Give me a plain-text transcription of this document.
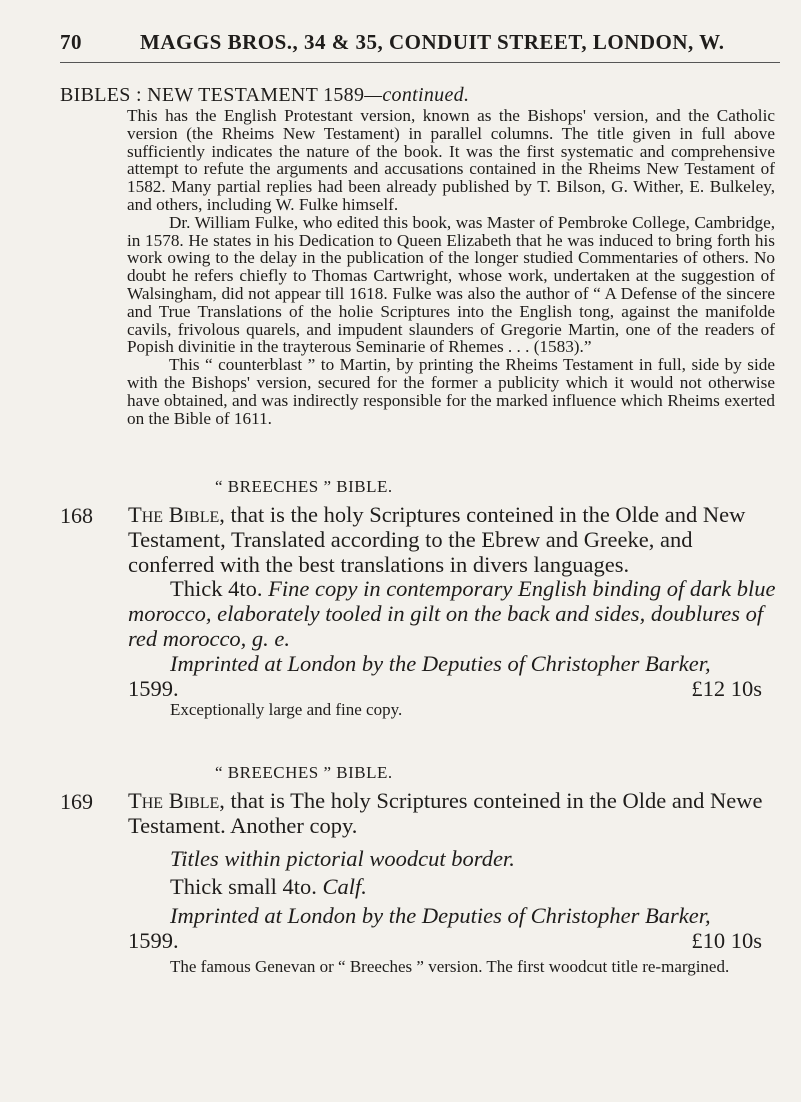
70	MAGGS BROS., 34 & 35, CONDUIT STREET, LONDON, W.
BIBLES : NEW TESTAMENT 1589—continued.

This has the English Protestant version, known as the Bishops' version, and the Catholic version (the Rheims New Testament) in parallel columns. The title given in full above sufficiently indicates the nature of the book. It was the first systematic and comprehensive attempt to refute the arguments and accusations contained in the Rheims New Testament of 1582. Many partial replies had been already published by T. Bilson, G. Wither, E. Bulkeley, and others, including W. Fulke himself.

Dr. William Fulke, who edited this book, was Master of Pembroke College, Cambridge, in 1578. He states in his Dedication to Queen Elizabeth that he was induced to bring forth his work owing to the delay in the publication of the longer studied Commentaries of others. No doubt he refers chiefly to Thomas Cartwright, whose work, undertaken at the suggestion of Walsingham, did not appear till 1618. Fulke was also the author of “ A Defense of the sincere and True Translations of the holie Scriptures into the English tong, against the manifolde cavils, frivolous quarels, and impudent slaunders of Gregorie Martin, one of the readers of Popish divinitie in the trayterous Seminarie of Rhemes . . . (1583).”

This “ counterblast ” to Martin, by printing the Rheims Testament in full, side by side with the Bishops' version, secured for the former a publicity which it would not otherwise have obtained, and was indirectly responsible for the marked influence which Rheims exerted on the Bible of 1611.

“ BREECHES ” BIBLE.
168 The Bible, that is the holy Scriptures conteined in the Olde and New Testament, Translated according to the Ebrew and Greeke, and conferred with the best translations in divers languages.

Thick 4to. Fine copy in contemporary English binding of dark blue morocco, elaborately tooled in gilt on the back and sides, doublures of red morocco, g. e.

Imprinted at London by the Deputies of Christopher Barker,

1599.	£12 10s

Exceptionally large and fine copy.

“ BREECHES ” BIBLE.
169 The Bible, that is The holy Scriptures conteined in the Olde and Newe Testament. Another copy.

Titles within pictorial woodcut border.

Thick small 4to. Calf.

Imprinted at London by the Deputies of Christopher Barker,

1599.	£10 10s

The famous Genevan or “ Breeches ” version. The first woodcut title re-margined.
